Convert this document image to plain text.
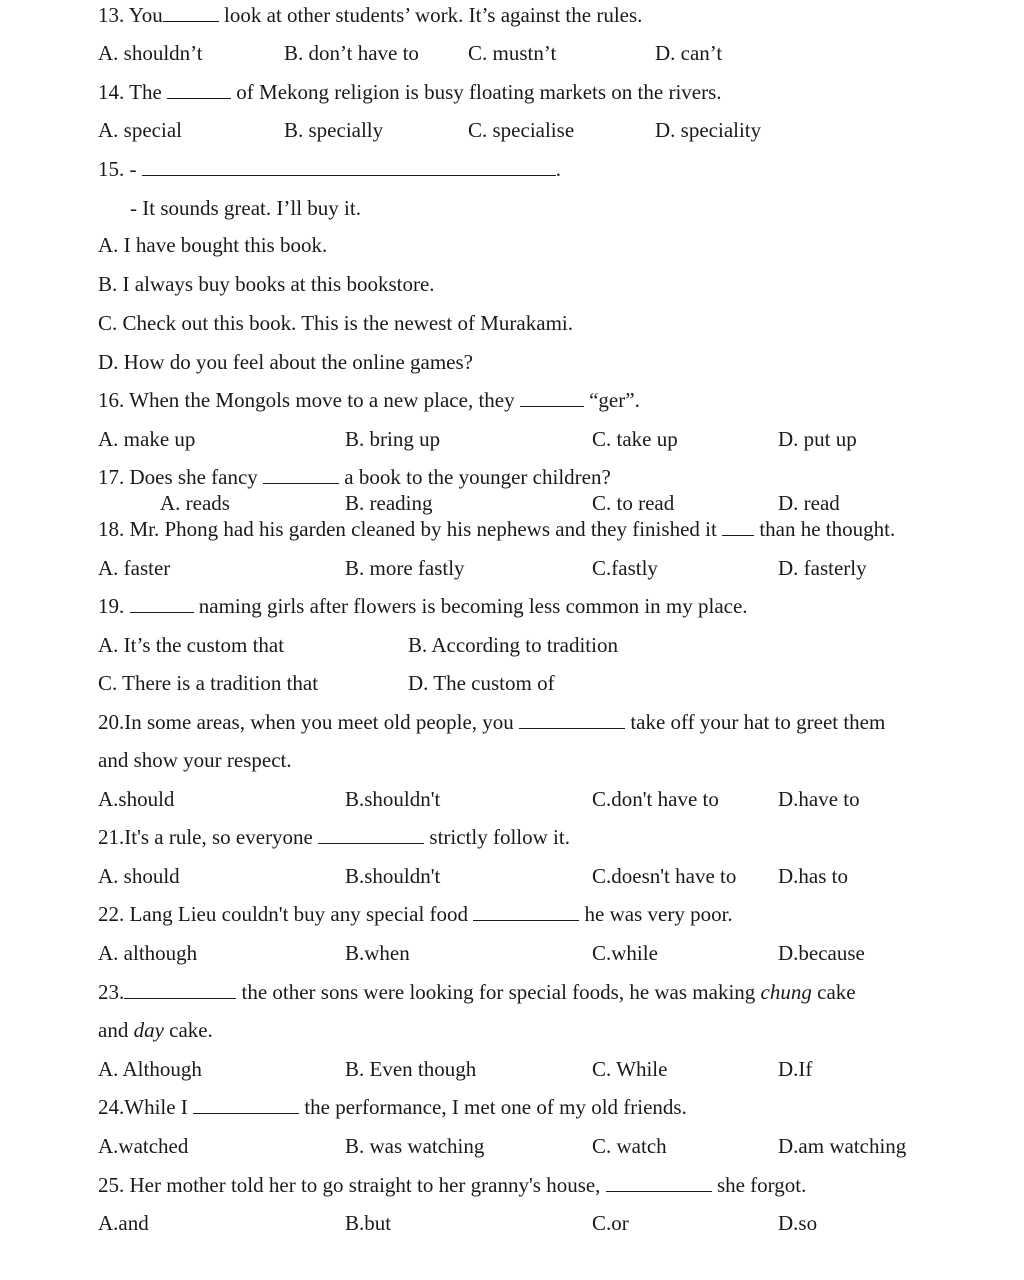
13. You	look at other students’ work. It’s against the rules.
A. shouldn’t	B. don’t have to C. mustn’t	D. can’t
14. The	of Mekong religion is busy floating markets on the rivers.
A. special	B. specially	C. specialise	D. speciality
15. -	.
- It sounds great. I’ll buy it.
A. I have bought this book.
B. I always buy books at this bookstore.
C. Check out this book. This is the newest of Murakami.
D. How do you feel about the online games?
16. When the Mongols move to a new place, they	“ger”.
A. make up	B. bring up	C. take up	D. put up
17. Does she fancy	a book to the younger children?
A. reads	B. reading	C. to read	D. read
18. Mr. Phong had his garden cleaned by his nephews and they finished it than he thought.
A. faster	B. more fastly	C.fastly	D. fasterly
19.	naming girls after flowers is becoming less common in my place.
A. It’s the custom that	B. According to tradition
C. There is a tradition that	D. The custom of
20.In some areas, when you meet old people, you	take off your hat to greet them
and show your respect.
A.should	B.shouldn't	C.don't have to	D.have to
21.It's a rule, so everyone	strictly follow it.
A. should	B.shouldn't	C.doesn't have to D.has to
22. Lang Lieu couldn't buy any special food	he was very poor.
A. although	B.when	C.while	D.because
23.	the other sons were looking for special foods, he was making chung cake
and day cake.
A. Although	B. Even though	C. While	D.If
24.While I	the performance, I met one of my old friends.
A.watched	B. was watching	C. watch	D.am watching
25. Her mother told her to go straight to her granny's house,	she forgot.
A.and	B.but	C.or	D.so
